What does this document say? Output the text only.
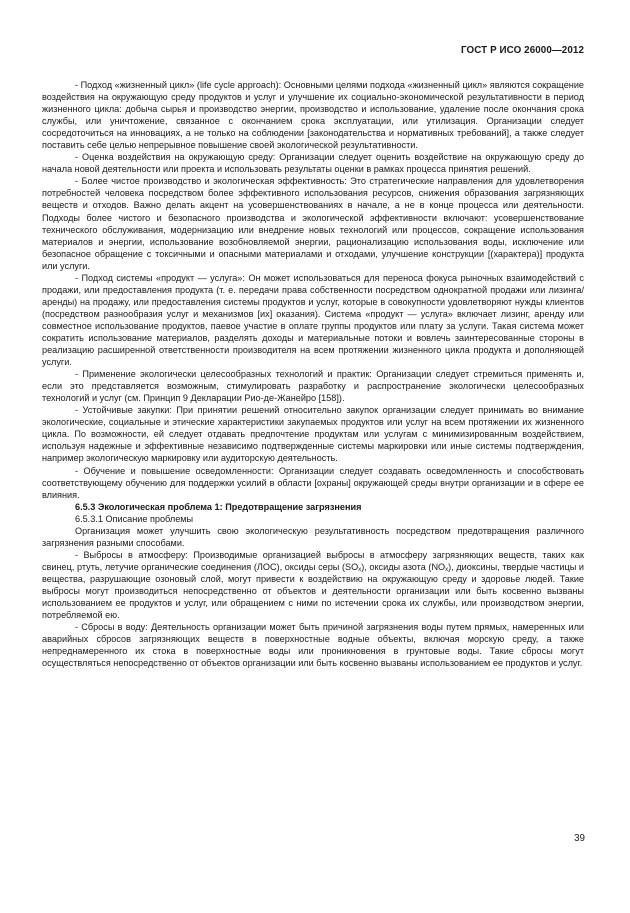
ГОСТ Р ИСО 26000—2012

- Подход «жизненный цикл» (life cycle approach): Основными целями подхода «жизненный цикл» являются сокращение воздействия на окружающую среду продуктов и услуг и улучшение их социально-экономической результативности в период жизненного цикла: добыча сырья и производство энергии, производство и использование, удаление после окончания срока службы, или уничтожение, связанное с окончанием срока эксплуатации, или утилизация. Организации следует сосредоточиться на инновациях, а не только на соблюдении [законодательства и нормативных требований], а также следует поставить себе целью непрерывное повышение своей экологической результативности.

- Оценка воздействия на окружающую среду: Организации следует оценить воздействие на окружающую среду до начала новой деятельности или проекта и использовать результаты оценки в рамках процесса принятия решений.

- Более чистое производство и экологическая эффективность: Это стратегические направления для удовлетворения потребностей человека посредством более эффективного использования ресурсов, снижения образования загрязняющих веществ и отходов. Важно делать акцент на усовершенствованиях в начале, а не в конце процесса или деятельности. Подходы более чистого и безопасного производства и экологической эффективности включают: усовершенствование технического обслуживания, модернизацию или внедрение новых технологий или процессов, сокращение использования материалов и энергии, использование возобновляемой энергии, рационализацию использования воды, исключение или безопасное обращение с токсичными и опасными материалами и отходами, улучшение конструкции [(характера)] продукта или услуги.

- Подход системы «продукт — услуга»: Он может использоваться для переноса фокуса рыночных взаимодействий с продажи, или предоставления продукта (т. е. передачи права собственности посредством однократной продажи или лизинга/аренды) на продажу, или предоставления системы продуктов и услуг, которые в совокупности удовлетворяют нужды клиентов (посредством разнообразия услуг и механизмов [их] оказания). Система «продукт — услуга» включает лизинг, аренду или совместное использование продуктов, паевое участие в оплате группы продуктов или плату за услуги. Такая система может сократить использование материалов, разделять доходы и материальные потоки и вовлечь заинтересованные стороны в реализацию расширенной ответственности производителя на всем протяжении жизненного цикла продукта и дополняющей услуги.

- Применение экологически целесообразных технологий и практик: Организации следует стремиться применять и, если это представляется возможным, стимулировать разработку и распространение экологически целесообразных технологий и услуг (см. Принцип 9 Декларации Рио-де-Жанейро [158]).

- Устойчивые закупки: При принятии решений относительно закупок организации следует принимать во внимание экологические, социальные и этические характеристики закупаемых продуктов или услуг на всем протяжении их жизненного цикла. По возможности, ей следует отдавать предпочтение продуктам или услугам с минимизированным воздействием, используя надежные и эффективные независимо подтвержденные системы маркировки или иные системы подтверждения, например экологическую маркировку или аудиторскую деятельность.

- Обучение и повышение осведомленности: Организации следует создавать осведомленность и способствовать соответствующему обучению для поддержки усилий в области [охраны] окружающей среды внутри организации и в сфере ее влияния.

6.5.3 Экологическая проблема 1: Предотвращение загрязнения

6.5.3.1 Описание проблемы

Организация может улучшить свою экологическую результативность посредством предотвращения различного загрязнения разными способами.

- Выбросы в атмосферу: Производимые организацией выбросы в атмосферу загрязняющих веществ, таких как свинец, ртуть, летучие органические соединения (ЛОС), оксиды серы $(SO_x)$, оксиды азота $(NO_x)$, диоксины, твердые частицы и вещества, разрушающие озоновый слой, могут привести к воздействию на окружающую среду и здоровье людей. Такие выбросы могут производиться непосредственно от объектов и деятельности организации или быть косвенно вызваны использованием ее продуктов и услуг, или обращением с ними по истечении срока их службы, или производством энергии, потребляемой ею.

- Сбросы в воду: Деятельность организации может быть причиной загрязнения воды путем прямых, намеренных или аварийных сбросов загрязняющих веществ в поверхностные водные объекты, включая морскую среду, а также непреднамеренного их стока в поверхностные воды или проникновения в грунтовые воды. Такие сбросы могут осуществляться непосредственно от объектов организации или быть косвенно вызваны использованием ее продуктов и услуг.

39
